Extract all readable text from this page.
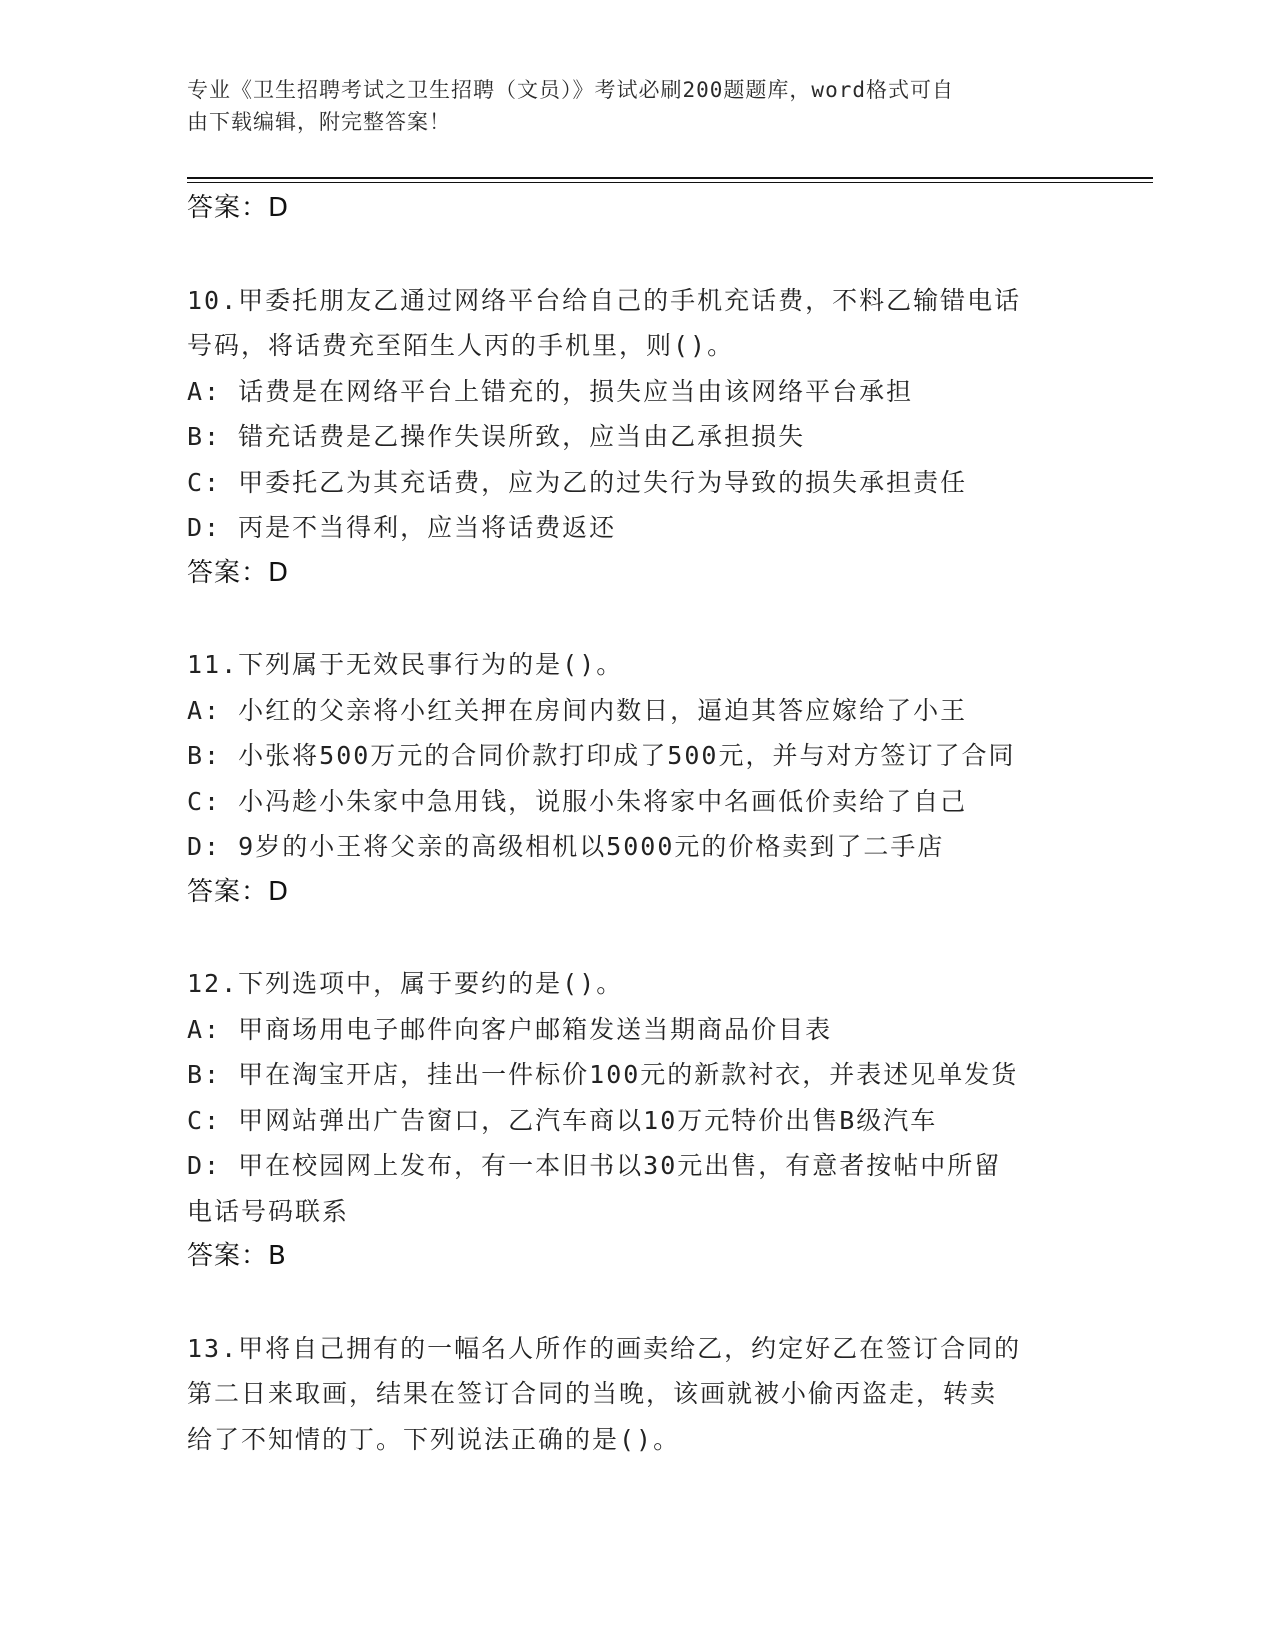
专业《卫生招聘考试之卫生招聘（文员）》考试必刷200题题库，word格式可自
由下载编辑，附完整答案！
答案：D
10.甲委托朋友乙通过网络平台给自己的手机充话费，不料乙输错电话
号码，将话费充至陌生人丙的手机里，则()。
A: 话费是在网络平台上错充的，损失应当由该网络平台承担
B: 错充话费是乙操作失误所致，应当由乙承担损失
C: 甲委托乙为其充话费，应为乙的过失行为导致的损失承担责任
D: 丙是不当得利，应当将话费返还
答案：D
11.下列属于无效民事行为的是()。
A: 小红的父亲将小红关押在房间内数日，逼迫其答应嫁给了小王
B: 小张将500万元的合同价款打印成了500元，并与对方签订了合同
C: 小冯趁小朱家中急用钱，说服小朱将家中名画低价卖给了自己
D: 9岁的小王将父亲的高级相机以5000元的价格卖到了二手店
答案：D
12.下列选项中，属于要约的是()。
A: 甲商场用电子邮件向客户邮箱发送当期商品价目表
B: 甲在淘宝开店，挂出一件标价100元的新款衬衣，并表述见单发货
C: 甲网站弹出广告窗口，乙汽车商以10万元特价出售B级汽车
D: 甲在校园网上发布，有一本旧书以30元出售，有意者按帖中所留
电话号码联系
答案：B
13.甲将自己拥有的一幅名人所作的画卖给乙，约定好乙在签订合同的
第二日来取画，结果在签订合同的当晚，该画就被小偷丙盗走，转卖
给了不知情的丁。下列说法正确的是()。
